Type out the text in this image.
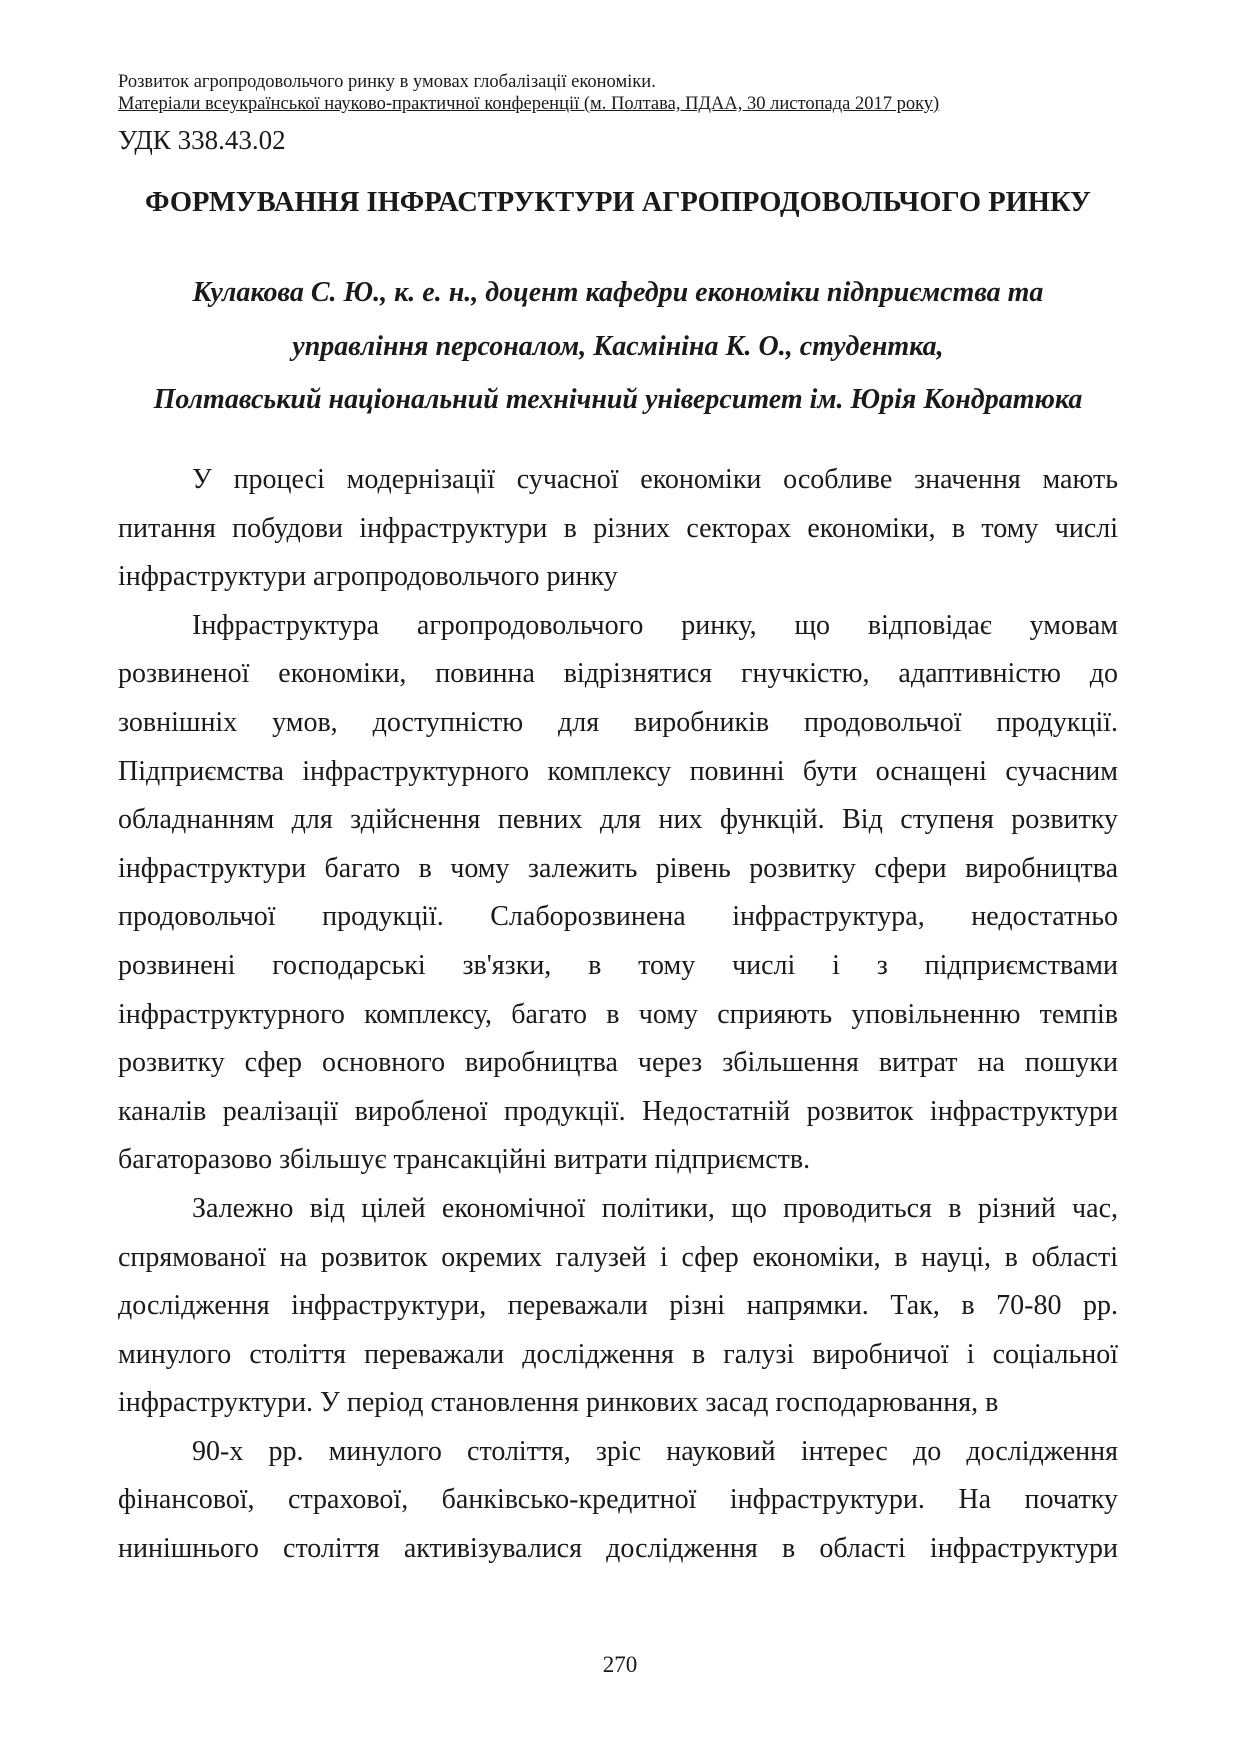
Розвиток агропродовольчого ринку в умовах глобалізації економіки.
Матеріали всеукраїнської науково-практичної конференції (м. Полтава, ПДАА, 30 листопада 2017 року)
УДК 338.43.02
ФОРМУВАННЯ ІНФРАСТРУКТУРИ АГРОПРОДОВОЛЬЧОГО РИНКУ
Кулакова С. Ю., к. е. н., доцент кафедри економіки підприємства та
управління персоналом, Касмініна К. О., студентка,
Полтавський національний технічний університет ім. Юрія Кондратюка
У процесі модернізації сучасної економіки особливе значення мають
питання побудови інфраструктури в різних секторах економіки, в тому числі
інфраструктури агропродовольчого ринку
Інфраструктура агропродовольчого ринку, що відповідає умовам
розвиненої економіки, повинна відрізнятися гнучкістю, адаптивністю до
зовнішніх умов, доступністю для виробників продовольчої продукції.
Підприємства інфраструктурного комплексу повинні бути оснащені сучасним
обладнанням для здійснення певних для них функцій. Від ступеня розвитку
інфраструктури багато в чому залежить рівень розвитку сфери виробництва
продовольчої продукції. Слаборозвинена інфраструктура, недостатньо
розвинені господарські зв'язки, в тому числі і з підприємствами
інфраструктурного комплексу, багато в чому сприяють уповільненню темпів
розвитку сфер основного виробництва через збільшення витрат на пошуки
каналів реалізації виробленої продукції. Недостатній розвиток інфраструктури
багаторазово збільшує трансакційні витрати підприємств.
Залежно від цілей економічної політики, що проводиться в різний час,
спрямованої на розвиток окремих галузей і сфер економіки, в науці, в області
дослідження інфраструктури, переважали різні напрямки. Так, в 70-80 рр.
минулого століття переважали дослідження в галузі виробничої і соціальної
інфраструктури. У період становлення ринкових засад господарювання, в
90-х рр. минулого століття, зріс науковий інтерес до дослідження
фінансової, страхової, банківсько-кредитної інфраструктури. На початку
нинішнього століття активізувалися дослідження в області інфраструктури
270
